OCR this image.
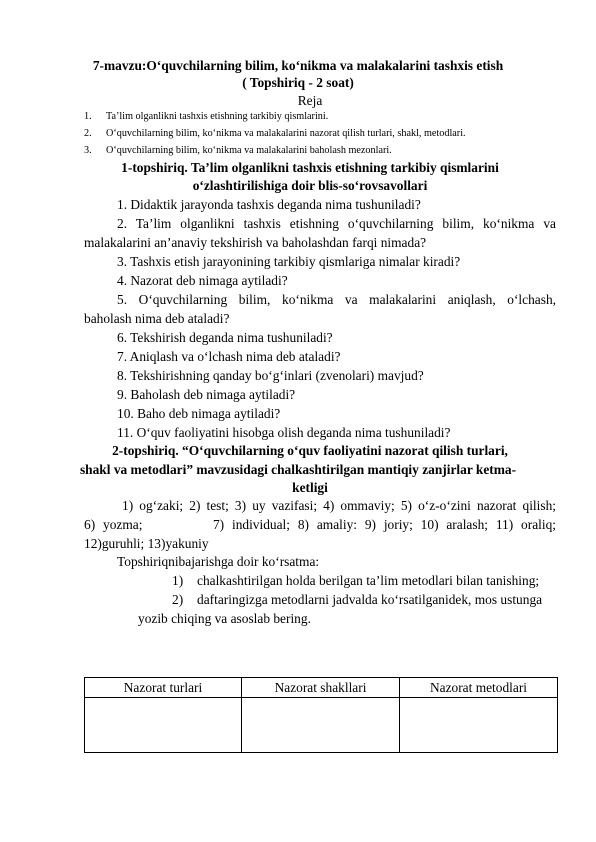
7-mavzu:O‘quvchilarning bilim, ko‘nikma va malakalarini tashxis etish
( Topshiriq - 2 soat)
Reja
1. Ta’lim olganlikni tashxis etishning tarkibiy qismlarini.
2. O‘quvchilarning bilim, ko‘nikma va malakalarini nazorat qilish turlari, shakl, metodlari.
3. O‘quvchilarning bilim, ko‘nikma va malakalarini baholash mezonlari.
1-topshiriq. Ta’lim olganlikni tashxis etishning tarkibiy qismlarini
o‘zlashtirilishiga doir blis-so‘rovsavollari
1. Didaktik jarayonda tashxis deganda nima tushuniladi?
2. Ta’lim olganlikni tashxis etishning o‘quvchilarning bilim, ko‘nikma va
malakalarini an’anaviy tekshirish va baholashdan farqi nimada?
3. Tashxis etish jarayonining tarkibiy qismlariga nimalar kiradi?
4. Nazorat deb nimaga aytiladi?
5. O‘quvchilarning bilim, ko‘nikma va malakalarini aniqlash, o‘lchash,
baholash nima deb ataladi?
6. Tekshirish deganda nima tushuniladi?
7. Aniqlash va o‘lchash nima deb ataladi?
8. Tekshirishning qanday bo‘g‘inlari (zvenolari) mavjud?
9. Baholash deb nimaga aytiladi?
10. Baho deb nimaga aytiladi?
11. O‘quv faoliyatini hisobga olish deganda nima tushuniladi?
2-topshiriq. “O‘quvchilarning o‘quv faoliyatini nazorat qilish turlari,
shakl va metodlari” mavzusidagi chalkashtirilgan mantiqiy zanjirlar ketma-
ketligi
1) og‘zaki; 2) test; 3) uy vazifasi; 4) ommaviy; 5) o‘z-o‘zini nazorat qilish;
6)  yozma;                  7)  individual;  8)  amaliy:  9)  joriy;  10)  aralash;  11)  oraliq;
12)guruhli; 13)yakuniy
Topshiriqnibajarishga doir ko‘rsatma:
1) chalkashtirilgan holda berilgan ta’lim metodlari bilan tanishing;
2) daftaringizga metodlarni jadvalda ko‘rsatilganidek, mos ustunga
yozib chiqing va asoslab bering.
Nazorat turlari	Nazorat shakllari	Nazorat metodlari
